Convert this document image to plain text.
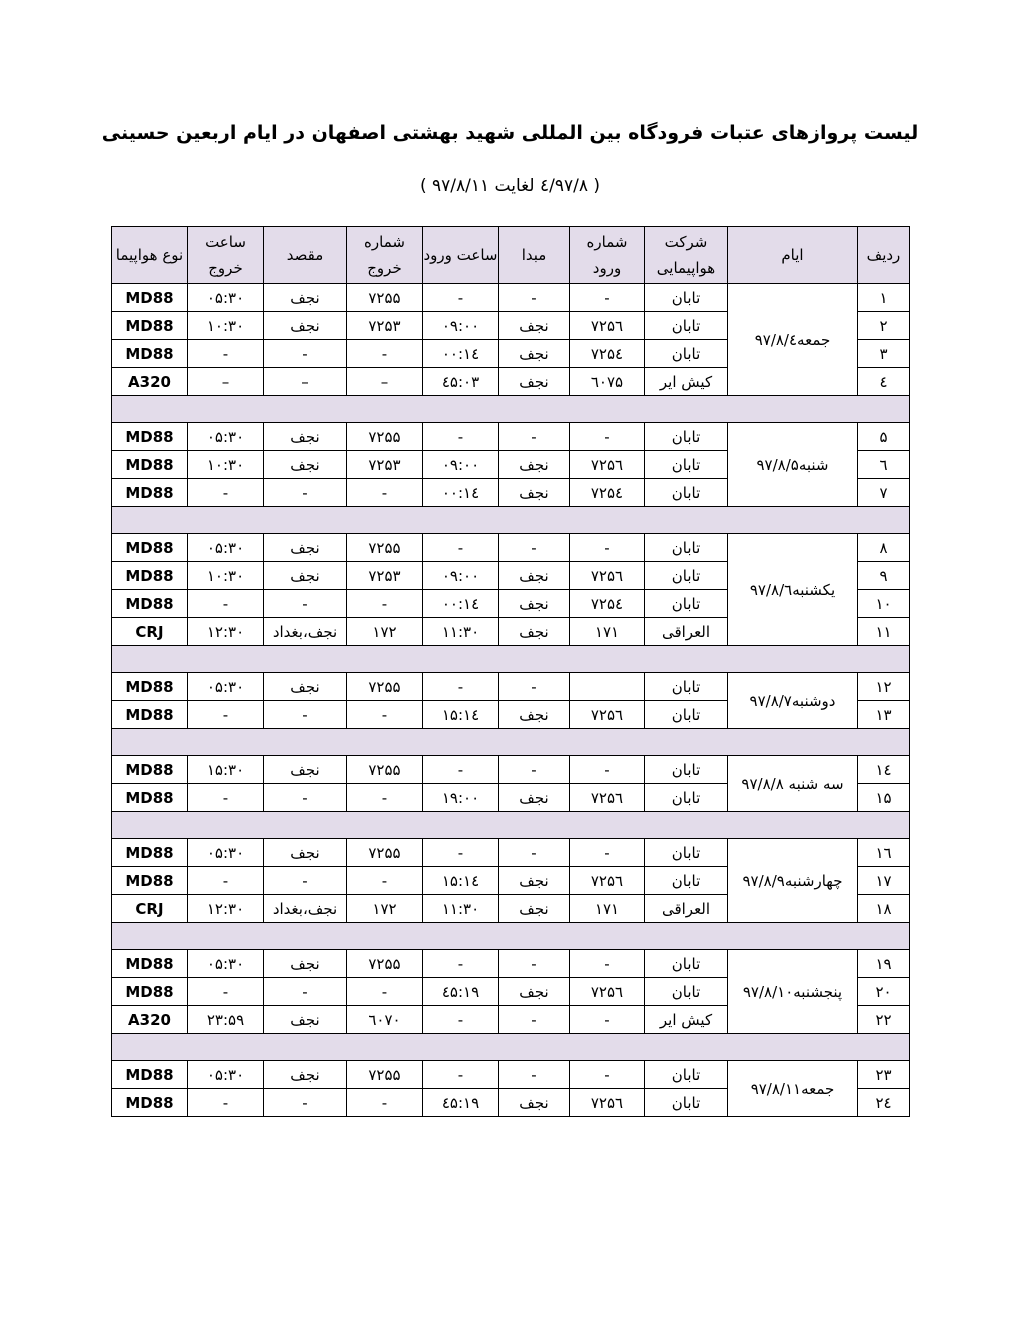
لیست پروازهای عتبات فرودگاه بین المللی شهید بهشتی اصفهان در ایام اربعین حسینی
( ۹۷/۸/٤ لغایت ۹۷/۸/۱۱ )
ردیف	ایام	شرکت هواپیمایی	شماره ورود	مبدا	ساعت ورود	شماره خروج	مقصد	ساعت خروج	نوع هواپیما
۱	جمعه۹۷/۸/٤	تابان	-	-	-	۷۲۵۵	نجف	۰۵:۳۰	MD88
۲		تابان	۷۲۵٦	نجف	۰۹:۰۰	۷۲۵۳	نجف	۱۰:۳۰	MD88
۳		تابان	۷۲۵٤	نجف	۱٤:۰۰	-	-	-	MD88
٤		کیش ایر	٦۰۷۵	نجف	۰۳:٤۵	–	–	–	A320

۵	شنبه۹۷/۸/۵	تابان	-	-	-	۷۲۵۵	نجف	۰۵:۳۰	MD88
٦		تابان	۷۲۵٦	نجف	۰۹:۰۰	۷۲۵۳	نجف	۱۰:۳۰	MD88
۷		تابان	۷۲۵٤	نجف	۱٤:۰۰	-	-	-	MD88

۸	یکشنبه۹۷/۸/٦	تابان	-	-	-	۷۲۵۵	نجف	۰۵:۳۰	MD88
۹		تابان	۷۲۵٦	نجف	۰۹:۰۰	۷۲۵۳	نجف	۱۰:۳۰	MD88
۱۰		تابان	۷۲۵٤	نجف	۱٤:۰۰	-	-	-	MD88
۱۱		العراقی	۱۷۱	نجف	۱۱:۳۰	۱۷۲	نجف،بغداد	۱۲:۳۰	CRJ

۱۲	دوشنبه۹۷/۸/۷	تابان		-	-	۷۲۵۵	نجف	۰۵:۳۰	MD88
۱۳		تابان	۷۲۵٦	نجف	۱٤:۱۵	-	-	-	MD88

۱٤	سه شنبه ۹۷/۸/۸	تابان	-	-	-	۷۲۵۵	نجف	۱۵:۳۰	MD88
۱۵		تابان	۷۲۵٦	نجف	۱۹:۰۰	-	-	-	MD88

۱٦	چهارشنبه۹۷/۸/۹	تابان	-	-	-	۷۲۵۵	نجف	۰۵:۳۰	MD88
۱۷		تابان	۷۲۵٦	نجف	۱٤:۱۵	-	-	-	MD88
۱۸		العراقی	۱۷۱	نجف	۱۱:۳۰	۱۷۲	نجف،بغداد	۱۲:۳۰	CRJ

۱۹	پنجشنبه۹۷/۸/۱۰	تابان	-	-	-	۷۲۵۵	نجف	۰۵:۳۰	MD88
۲۰		تابان	۷۲۵٦	نجف	۱۹:٤۵	-	-	-	MD88
۲۲		کیش ایر	-	-	-	٦۰۷۰	نجف	۲۳:۵۹	A320

۲۳	جمعه۹۷/۸/۱۱	تابان	-	-	-	۷۲۵۵	نجف	۰۵:۳۰	MD88
۲٤		تابان	۷۲۵٦	نجف	۱۹:٤۵	-	-	-	MD88
